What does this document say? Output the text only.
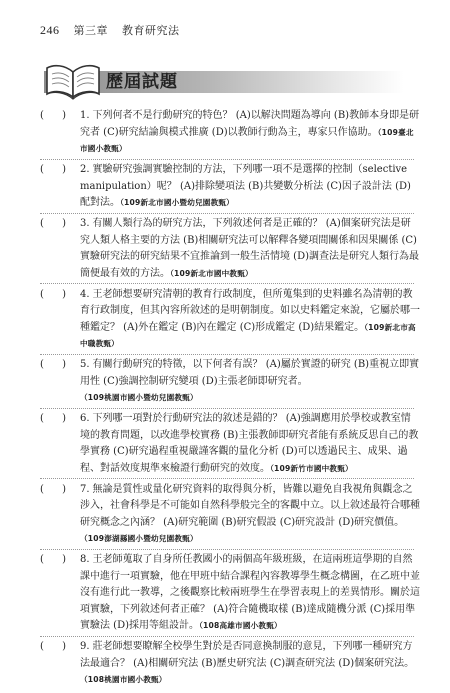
246 第三章 教育研究法
歷屆試題
( ) 1. 下列何者不是行動研究的特色？ (A)以解決問題為導向 (B)教師本身即是研究者 (C)研究結論與模式推廣 (D)以教師行動為主，專家只作協助。（109臺北市國小教甄）
( ) 2. 實驗研究強調實驗控制的方法，下列哪一項不是選擇的控制（selective manipulation）呢？ (A)排除變項法 (B)共變數分析法 (C)因子設計法 (D)配對法。（109新北市國小暨幼兒園教甄）
( ) 3. 有關人類行為的研究方法，下列敘述何者是正確的？ (A)個案研究法是研究人類人格主要的方法 (B)相關研究法可以解釋各變項間關係和因果關係 (C)實驗研究法的研究結果不宜推論到一般生活情境 (D)調查法是研究人類行為最簡便最有效的方法。（109新北市國中教甄）
( ) 4. 王老師想要研究清朝的教育行政制度，但所蒐集到的史料雖名為清朝的教育行政制度，但其內容所敘述的是明朝制度。如以史料鑑定來說，它屬於哪一種鑑定？ (A)外在鑑定 (B)內在鑑定 (C)形成鑑定 (D)結果鑑定。（109新北市高中職教甄）
( ) 5. 有關行動研究的特徵，以下何者有誤？ (A)屬於實證的研究 (B)重視立即實用性 (C)強調控制研究變項 (D)主張老師即研究者。（109桃園市國小暨幼兒園教甄）
( ) 6. 下列哪一項對於行動研究法的敘述是錯的？ (A)強調應用於學校或教室情境的教育問題，以改進學校實務 (B)主張教師即研究者能有系統反思自己的教學實務 (C)研究過程重視嚴謹客觀的量化分析 (D)可以透過民主、成果、過程、對話效度規準來檢證行動研究的效度。（109新竹市國中教甄）
( ) 7. 無論是質性或量化研究資料的取得與分析，皆難以避免自我視角與觀念之涉入，社會科學是不可能如自然科學般完全的客觀中立。以上敘述最符合哪種研究概念之內涵？ (A)研究範圍 (B)研究假設 (C)研究設計 (D)研究價值。（109澎湖縣國小暨幼兒園教甄）
( ) 8. 王老師蒐取了自身所任教國小的兩個高年級班級，在這兩班這學期的自然課中進行一項實驗，他在甲班中結合課程內容教導學生概念構圖，在乙班中並沒有進行此一教導，之後觀察比較兩班學生在學習表現上的差異情形。關於這項實驗，下列敘述何者正確？ (A)符合隨機取樣 (B)達成隨機分派 (C)採用準實驗法 (D)採用等組設計。（108高雄市國小教甄）
( ) 9. 莊老師想要瞭解全校學生對於是否同意換制服的意見，下列哪一種研究方法最適合？ (A)相關研究法 (B)歷史研究法 (C)調查研究法 (D)個案研究法。（108桃園市國小教甄）
